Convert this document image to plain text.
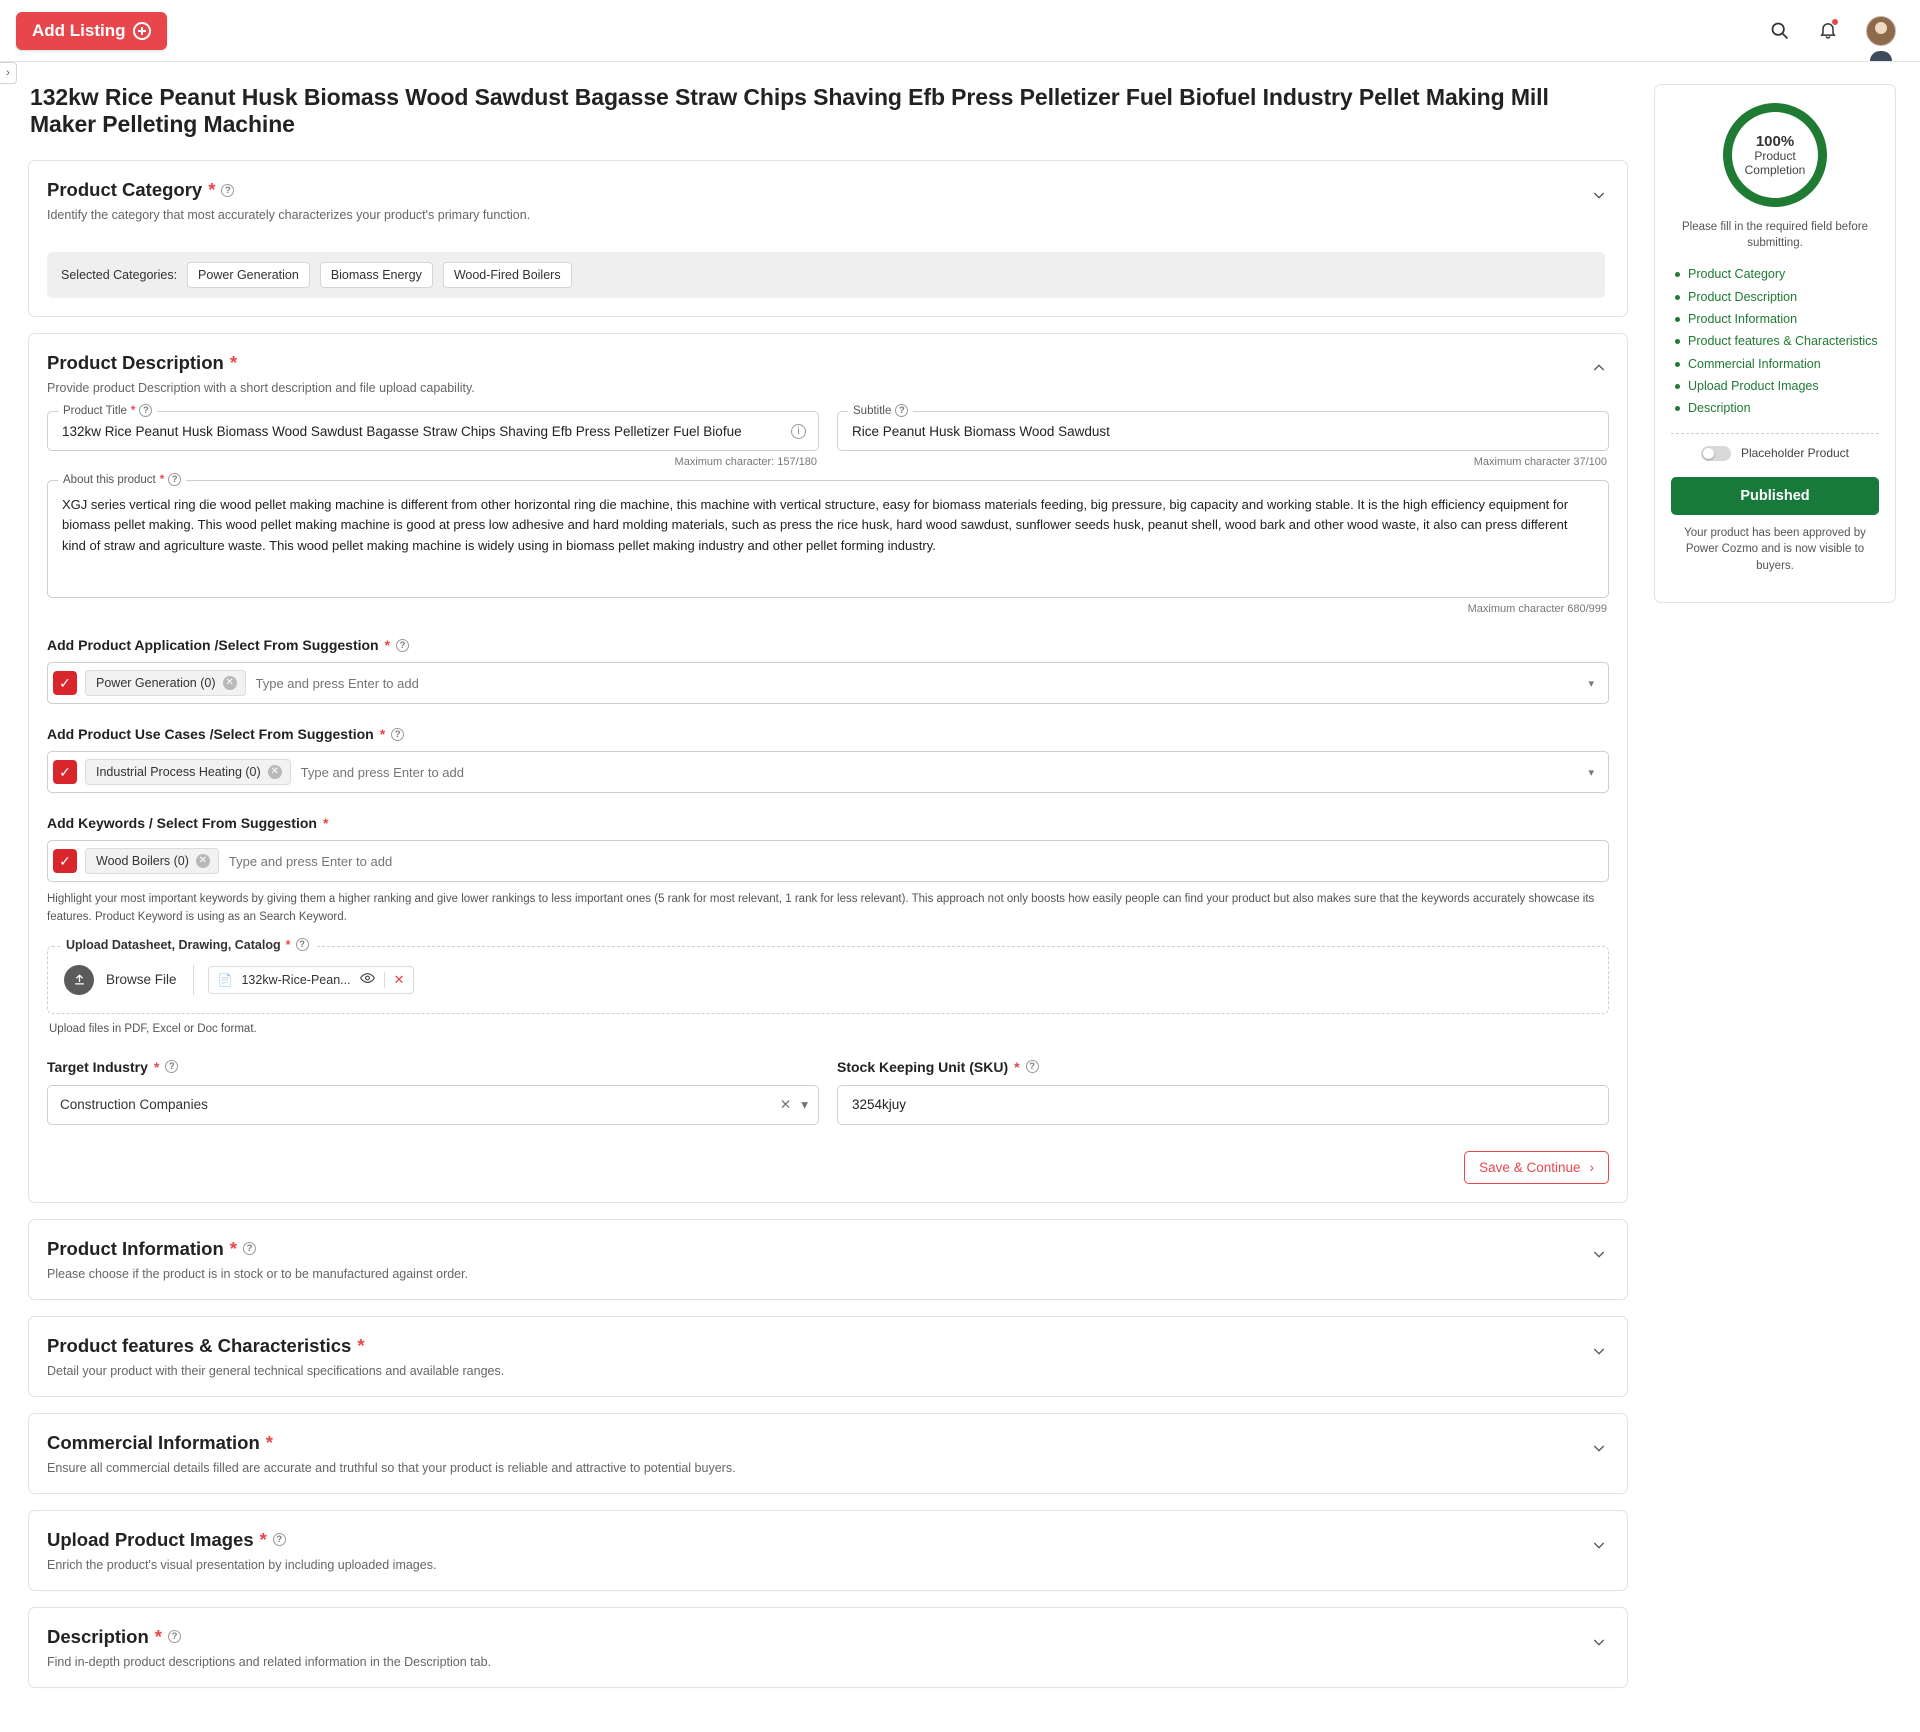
Add Listing
›
132kw Rice Peanut Husk Biomass Wood Sawdust Bagasse Straw Chips Shaving Efb Press Pelletizer Fuel Biofuel Industry Pellet Making Mill Maker Pelleting Machine
Product Category *	?

Identify the category that most accurately characterizes your product's primary function.

Selected Categories:	Power Generation	Biomass Energy	Wood-Fired Boilers
Product Description *

Provide product Description with a short description and file upload capability.

Product Title * ?
132kw Rice Peanut Husk Biomass Wood Sawdust Bagasse Straw Chips Shaving Efb Press Pelletizer Fuel Biofue
i
Maximum character: 157/180
Subtitle ?
Rice Peanut Husk Biomass Wood Sawdust
Maximum character 37/100
About this product * ?
XGJ series vertical ring die wood pellet making machine is different from other horizontal ring die machine, this machine with vertical structure, easy for biomass materials feeding, big pressure, big capacity and working stable. It is the high efficiency equipment for biomass pellet making. This wood pellet making machine is good at press low adhesive and hard molding materials, such as press the rice husk, hard wood sawdust, sunflower seeds husk, peanut shell, wood bark and other wood waste, it also can press different kind of straw and agriculture waste. This wood pellet making machine is widely using in biomass pellet making industry and other pellet forming industry.
Maximum character 680/999
Add Product Application /Select From Suggestion *	?
✓	Power Generation (0) ✕
Type and press Enter to add	▾
Add Product Use Cases /Select From Suggestion *	?
✓	Industrial Process Heating (0) ✕
Type and press Enter to add	▾
Add Keywords / Select From Suggestion *
✓	Wood Boilers (0) ✕
Type and press Enter to add

Highlight your most important keywords by giving them a higher ranking and give lower rankings to less important ones (5 rank for most relevant, 1 rank for less relevant). This approach not only boosts how easily people can find your product but also makes sure that the keywords accurately showcase its features. Product Keyword is using as an Search Keyword.

Upload Datasheet, Drawing, Catalog * ?
Browse File	📄 132kw-Rice-Pean...	✕

Upload files in PDF, Excel or Doc format.

Target Industry *	?
Construction Companies	✕ ▾
Stock Keeping Unit (SKU) *	?
3254kjuy
Save & Continue ›
Product Information *	?

Please choose if the product is in stock or to be manufactured against order.

Product features & Characteristics *

Detail your product with their general technical specifications and available ranges.

Commercial Information *

Ensure all commercial details filled are accurate and truthful so that your product is reliable and attractive to potential buyers.

Upload Product Images *	?

Enrich the product's visual presentation by including uploaded images.

Description *	?

Find in-depth product descriptions and related information in the Description tab.

100%
Product
Completion

Please fill in the required field before submitting.

Product Category
Product Description
Product Information
Product features & Characteristics
Commercial Information
Upload Product Images
Description
Placeholder Product
Published

Your product has been approved by Power Cozmo and is now visible to buyers.
